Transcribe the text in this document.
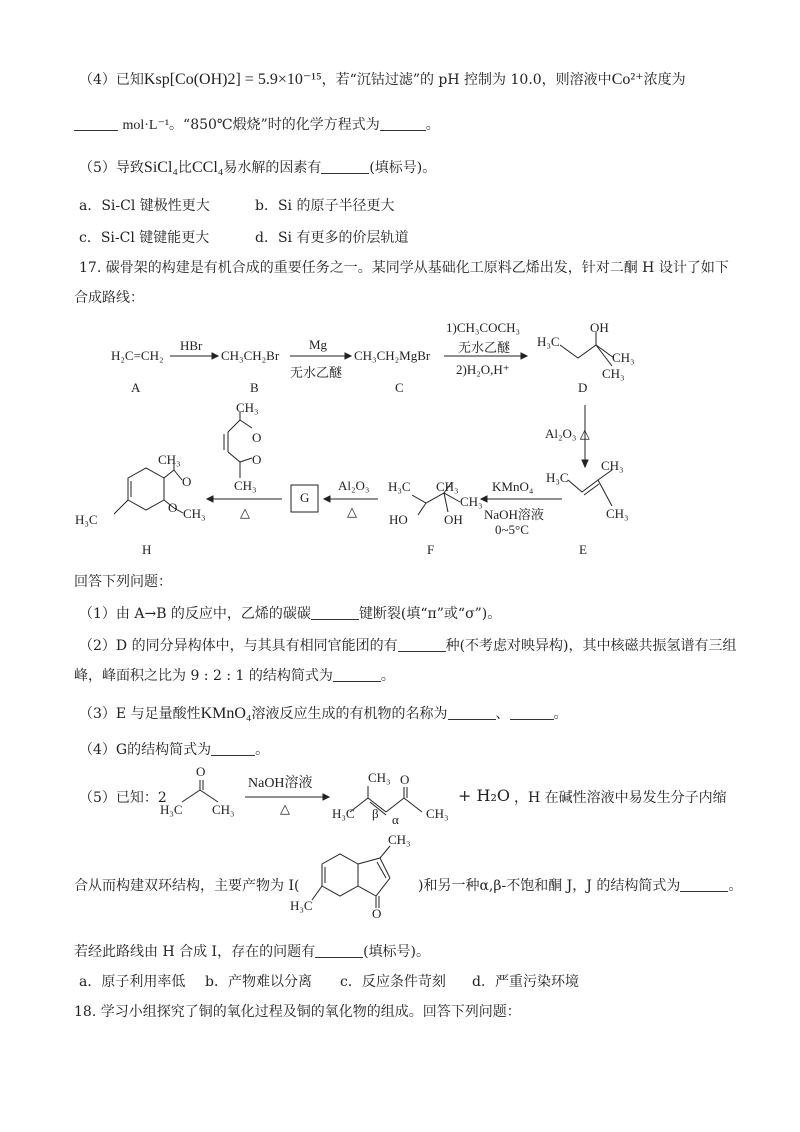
（4）已知Ksp[Co(OH)2] = 5.9×10⁻¹⁵，若“沉钴过滤”的 pH 控制为 10.0，则溶液中Co²⁺浓度为
mol·L⁻¹。“850℃煅烧”时的化学方程式为	。
（5）导致SiCl₄比CCl₄易水解的因素有	(填标号)。
a．Si-Cl 键极性更大	b．Si 的原子半径更大
c．Si-Cl 键键能更大	d．Si 有更多的价层轨道
17. 碳骨架的构建是有机合成的重要任务之一。某同学从基础化工原料乙烯出发，针对二酮 H 设计了如下
合成路线：
H₂C=CH₂
A
HBr
CH₃CH₂Br
B
Mg
无水乙醚
CH₃CH₂MgBr
C
1)CH₃COCH₃
无水乙醚
2)H₂O,H⁺
H₃C
OH
CH₃
CH₃
D
Al₂O₃ △
H₃C
CH₃
CH₃
E
KMnO₄
NaOH溶液
0~5°C
H₃C CH₃
HO	OH
CH₃
F
Al₂O₃
△
G
CH₃
O
O
CH₃
△
CH₃
O
O CH₃
H₃C
H
回答下列问题：
（1）由 A→B 的反应中，乙烯的碳碳	键断裂(填“π”或“σ”)。
（2）D 的同分异构体中，与其具有相同官能团的有	种(不考虑对映异构)，其中核磁共振氢谱有三组
峰，峰面积之比为 9 : 2 : 1 的结构简式为	。
（3）E 与足量酸性KMnO₄溶液反应生成的有机物的名称为	、	。
（4）G的结构简式为	。
（5）已知：2
O
H₃C CH₃
NaOH溶液
△
CH₃ O
H₃C β α CH₃
+ H₂O ，H 在碱性溶液中易发生分子内缩
合从而构建双环结构，主要产物为 I(
CH₃
H₃C
O
)和另一种α,β-不饱和酮 J，J 的结构简式为	。
若经此路线由 H 合成 I，存在的问题有	(填标号)。
a．原子利用率低 b．产物难以分离 c．反应条件苛刻 d．严重污染环境
18. 学习小组探究了铜的氧化过程及铜的氧化物的组成。回答下列问题：
